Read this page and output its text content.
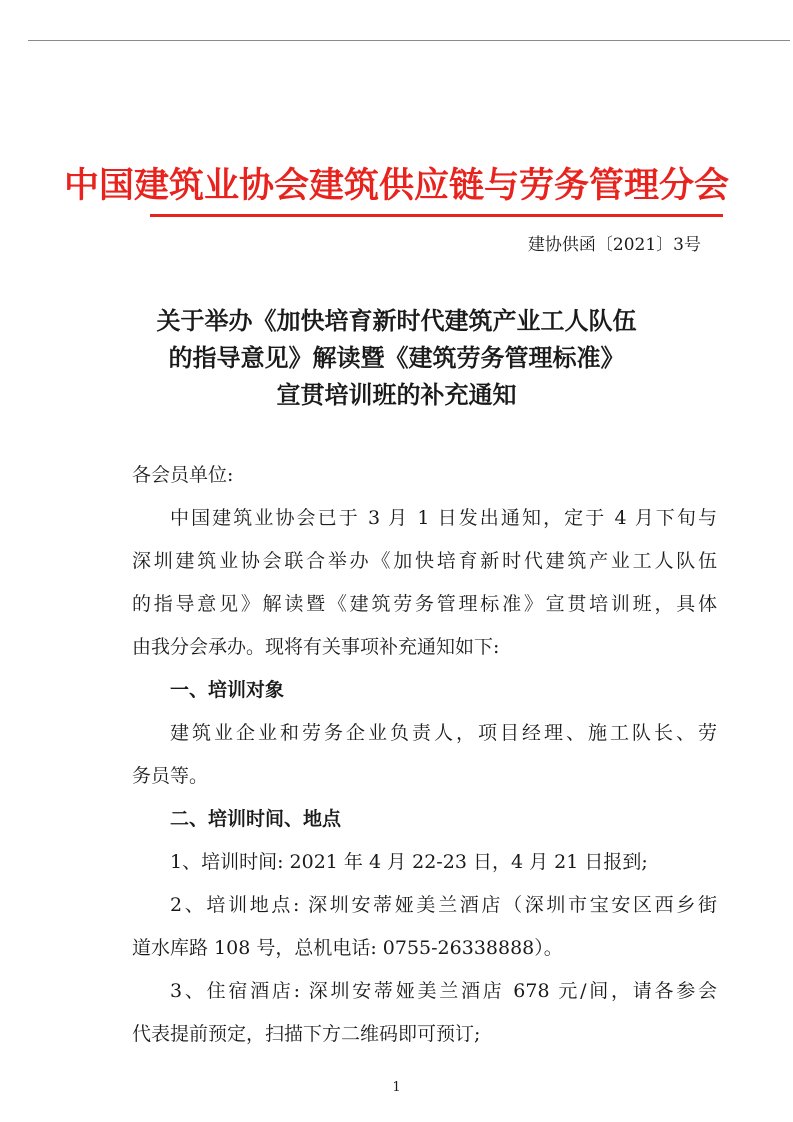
中国建筑业协会建筑供应链与劳务管理分会
建协供函〔2021〕3号
关于举办《加快培育新时代建筑产业工人队伍
的指导意见》解读暨《建筑劳务管理标准》
宣贯培训班的补充通知

各会员单位:

中国建筑业协会已于 3 月 1 日发出通知，定于 4 月下旬与

深圳建筑业协会联合举办《加快培育新时代建筑产业工人队伍

的指导意见》解读暨《建筑劳务管理标准》宣贯培训班，具体

由我分会承办。现将有关事项补充通知如下:

一、培训对象

建筑业企业和劳务企业负责人，项目经理、施工队长、劳

务员等。

二、培训时间、地点

1、培训时间: 2021 年 4 月 22-23 日，4 月 21 日报到;

2、培训地点: 深圳安蒂娅美兰酒店（深圳市宝安区西乡街

道水库路 108 号，总机电话: 0755-26338888）。

3、住宿酒店: 深圳安蒂娅美兰酒店 678 元/间，请各参会

代表提前预定，扫描下方二维码即可预订;

1
